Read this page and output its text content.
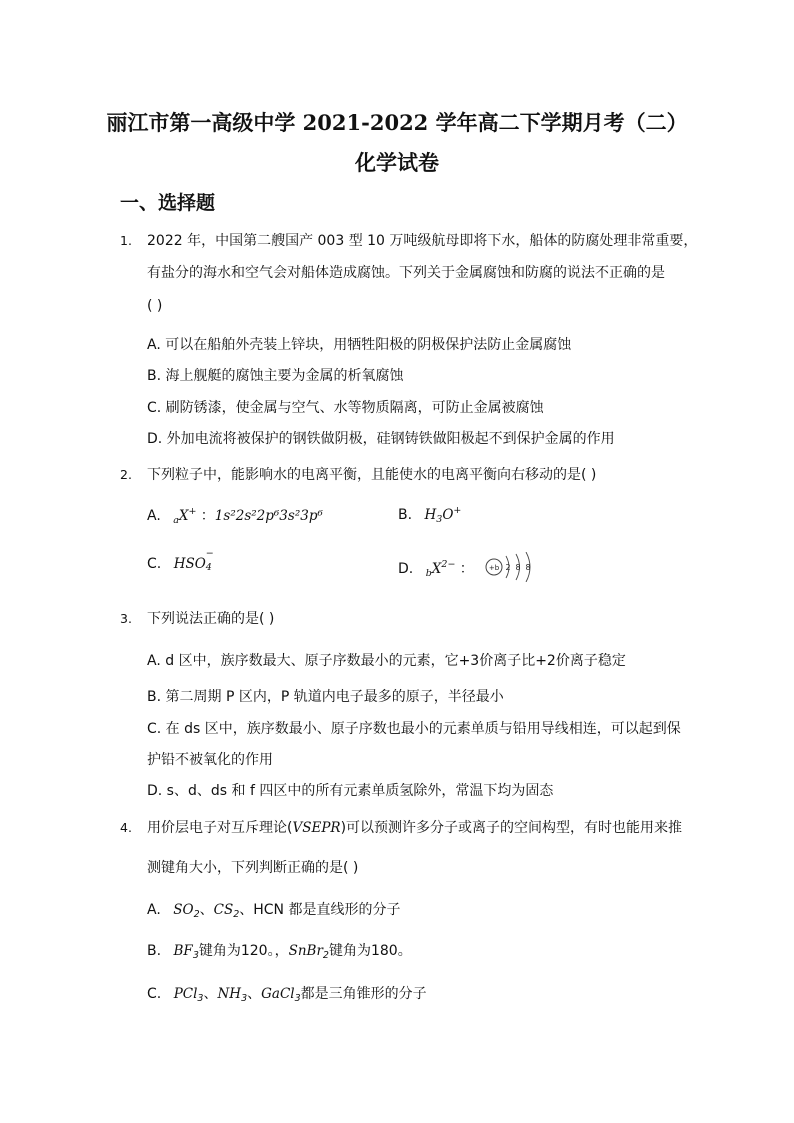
丽江市第一高级中学 2021-2022 学年高二下学期月考（二）
化学试卷
一、选择题
1. 2022 年，中国第二艘国产 003 型 10 万吨级航母即将下水，船体的防腐处理非常重要，
有盐分的海水和空气会对船体造成腐蚀。下列关于金属腐蚀和防腐的说法不正确的是
( )
A. 可以在船舶外壳装上锌块，用牺牲阳极的阴极保护法防止金属腐蚀
B. 海上舰艇的腐蚀主要为金属的析氧腐蚀
C. 刷防锈漆，使金属与空气、水等物质隔离，可防止金属被腐蚀
D. 外加电流将被保护的钢铁做阴极，硅钢铸铁做阳极起不到保护金属的作用
2. 下列粒子中，能影响水的电离平衡，且能使水的电离平衡向右移动的是( )
A. $_a$X+ ：1s²2s²2p⁶3s²3p⁶	B. $H_3O^+$
C. HSO
−
4	D. $_bX^{2-}$ ： +b 2 8 8
3. 下列说法正确的是( )
A. d 区中，族序数最大、原子序数最小的元素，它+3价离子比+2价离子稳定
B. 第二周期 P 区内，P 轨道内电子最多的原子，半径最小
C. 在 ds 区中，族序数最小、原子序数也最小的元素单质与铅用导线相连，可以起到保
护铅不被氧化的作用
D. s、d、ds 和 f 四区中的所有元素单质氢除外，常温下均为固态
4. 用价层电子对互斥理论(VSEPR)可以预测许多分子或离子的空间构型，有时也能用来推
测键角大小，下列判断正确的是( )
A. $SO_2$、$CS_2$、HCN 都是直线形的分子
B. $BF_3$键角为120。，SnBr$_2$键角为180。
C. PCl$_3$、$NH_3$、GaCl$_3$都是三角锥形的分子
